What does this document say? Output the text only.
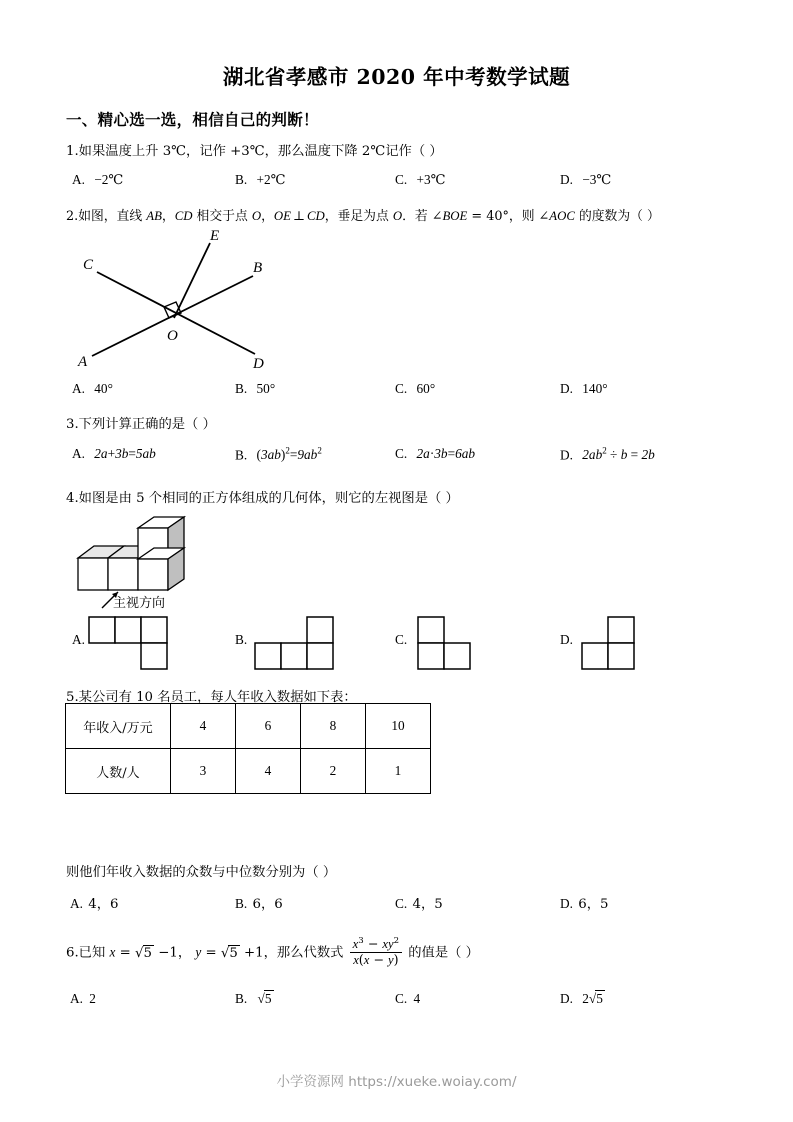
湖北省孝感市 2020 年中考数学试题
一、精心选一选，相信自己的判断！
1.如果温度上升 3℃，记作 +3℃，那么温度下降 2℃记作（ ）
A. −2℃	B. +2℃	C. +3℃	D. −3℃
2.如图，直线 AB，CD 相交于点 O，OE ⊥ CD，垂足为点 O．若 ∠BOE = 40°，则 ∠AOC 的度数为（ ）
E
C	B
O
A	D
A. 40°	B. 50°	C. 60°	D. 140°
3.下列计算正确的是（ ）
A. 2a+3b=5ab	B. $(3ab)^2=9ab^2$	C. 2a·3b=6ab	D. $2ab^2 \div b = 2b$
4.如图是由 5 个相同的正方体组成的几何体，则它的左视图是（ ）
主视方向
A.	B.	C.	D.
5.某公司有 10 名员工，每人年收入数据如下表：
年收入/万元	4	6	8	10
人数/人	3	4	2	1
则他们年收入数据的众数与中位数分别为（ ）
A. 4，6	B. 6，6	C. 4，5	D. 6，5
6.已知 x = √5 −1， y = √5 +1，那么代数式 $\frac{x^3 - xy^2}{x(x - y)}$ 的值是（ ）
A. 2	B. √5	C. 4	D. 2√5
小学资源网 https://xueke.woiay.com/
